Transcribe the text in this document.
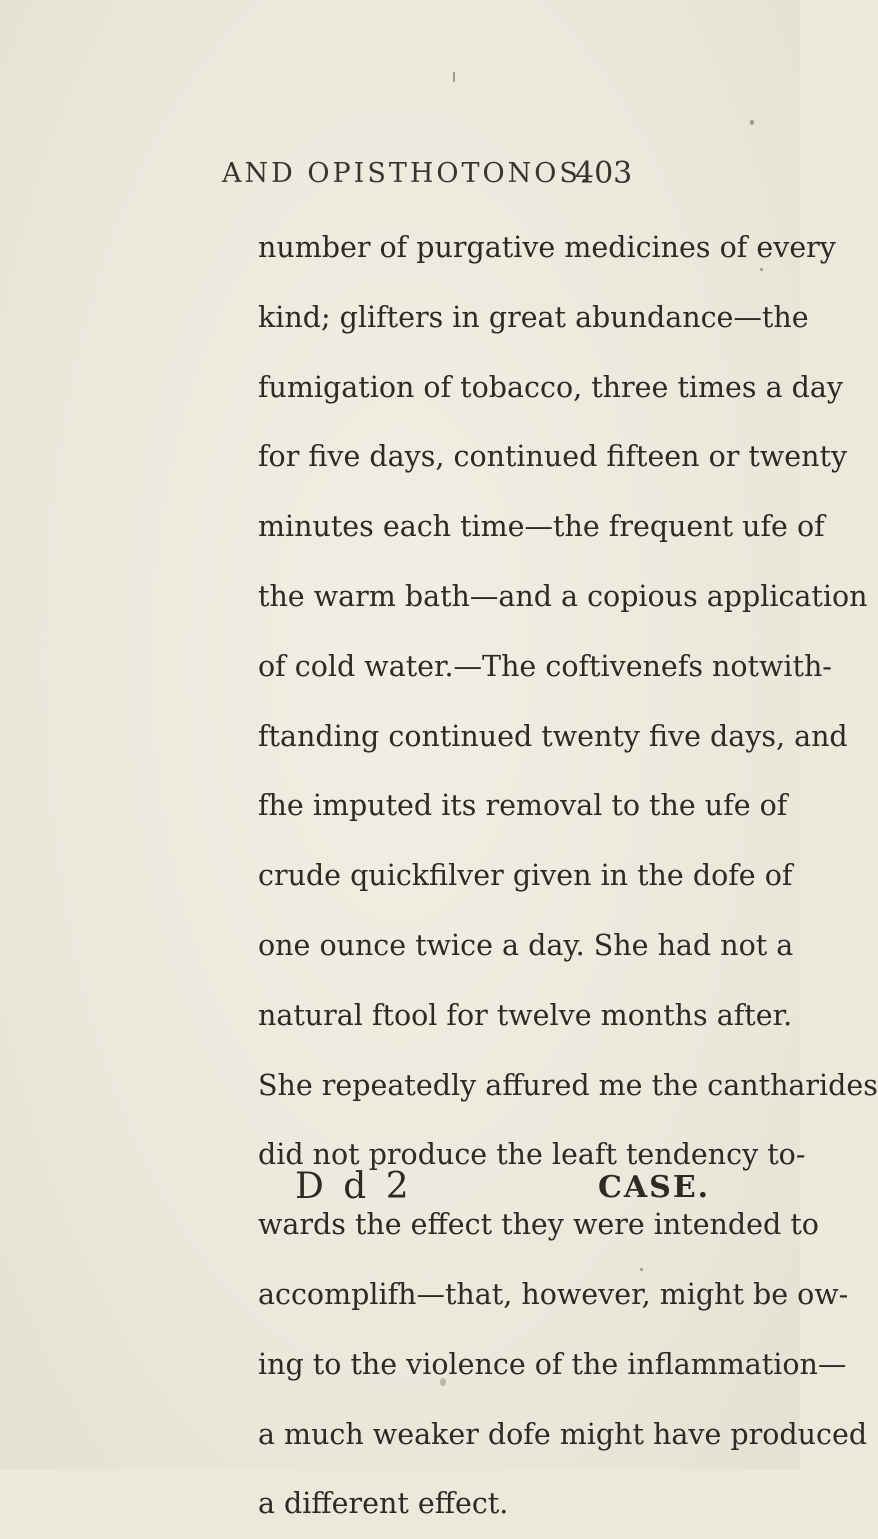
AND OPISTHOTONOS.
403
number of purgative medicines of every
kind; glifters in great abundance—the
fumigation of tobacco, three times a day
for five days, continued fifteen or twenty
minutes each time—the frequent ufe of
the warm bath—and a copious application
of cold water.—The coftivenefs notwith-
ftanding continued twenty five days, and
fhe imputed its removal to the ufe of
crude quickfilver given in the dofe of
one ounce twice a day. She had not a
natural ftool for twelve months after.
She repeatedly affured me the cantharides
did not produce the leaft tendency to-
wards the effect they were intended to
accomplifh—that, however, might be ow-
ing to the violence of the inflammation—
a much weaker dofe might have produced
a different effect.
D d 2	CASE.
